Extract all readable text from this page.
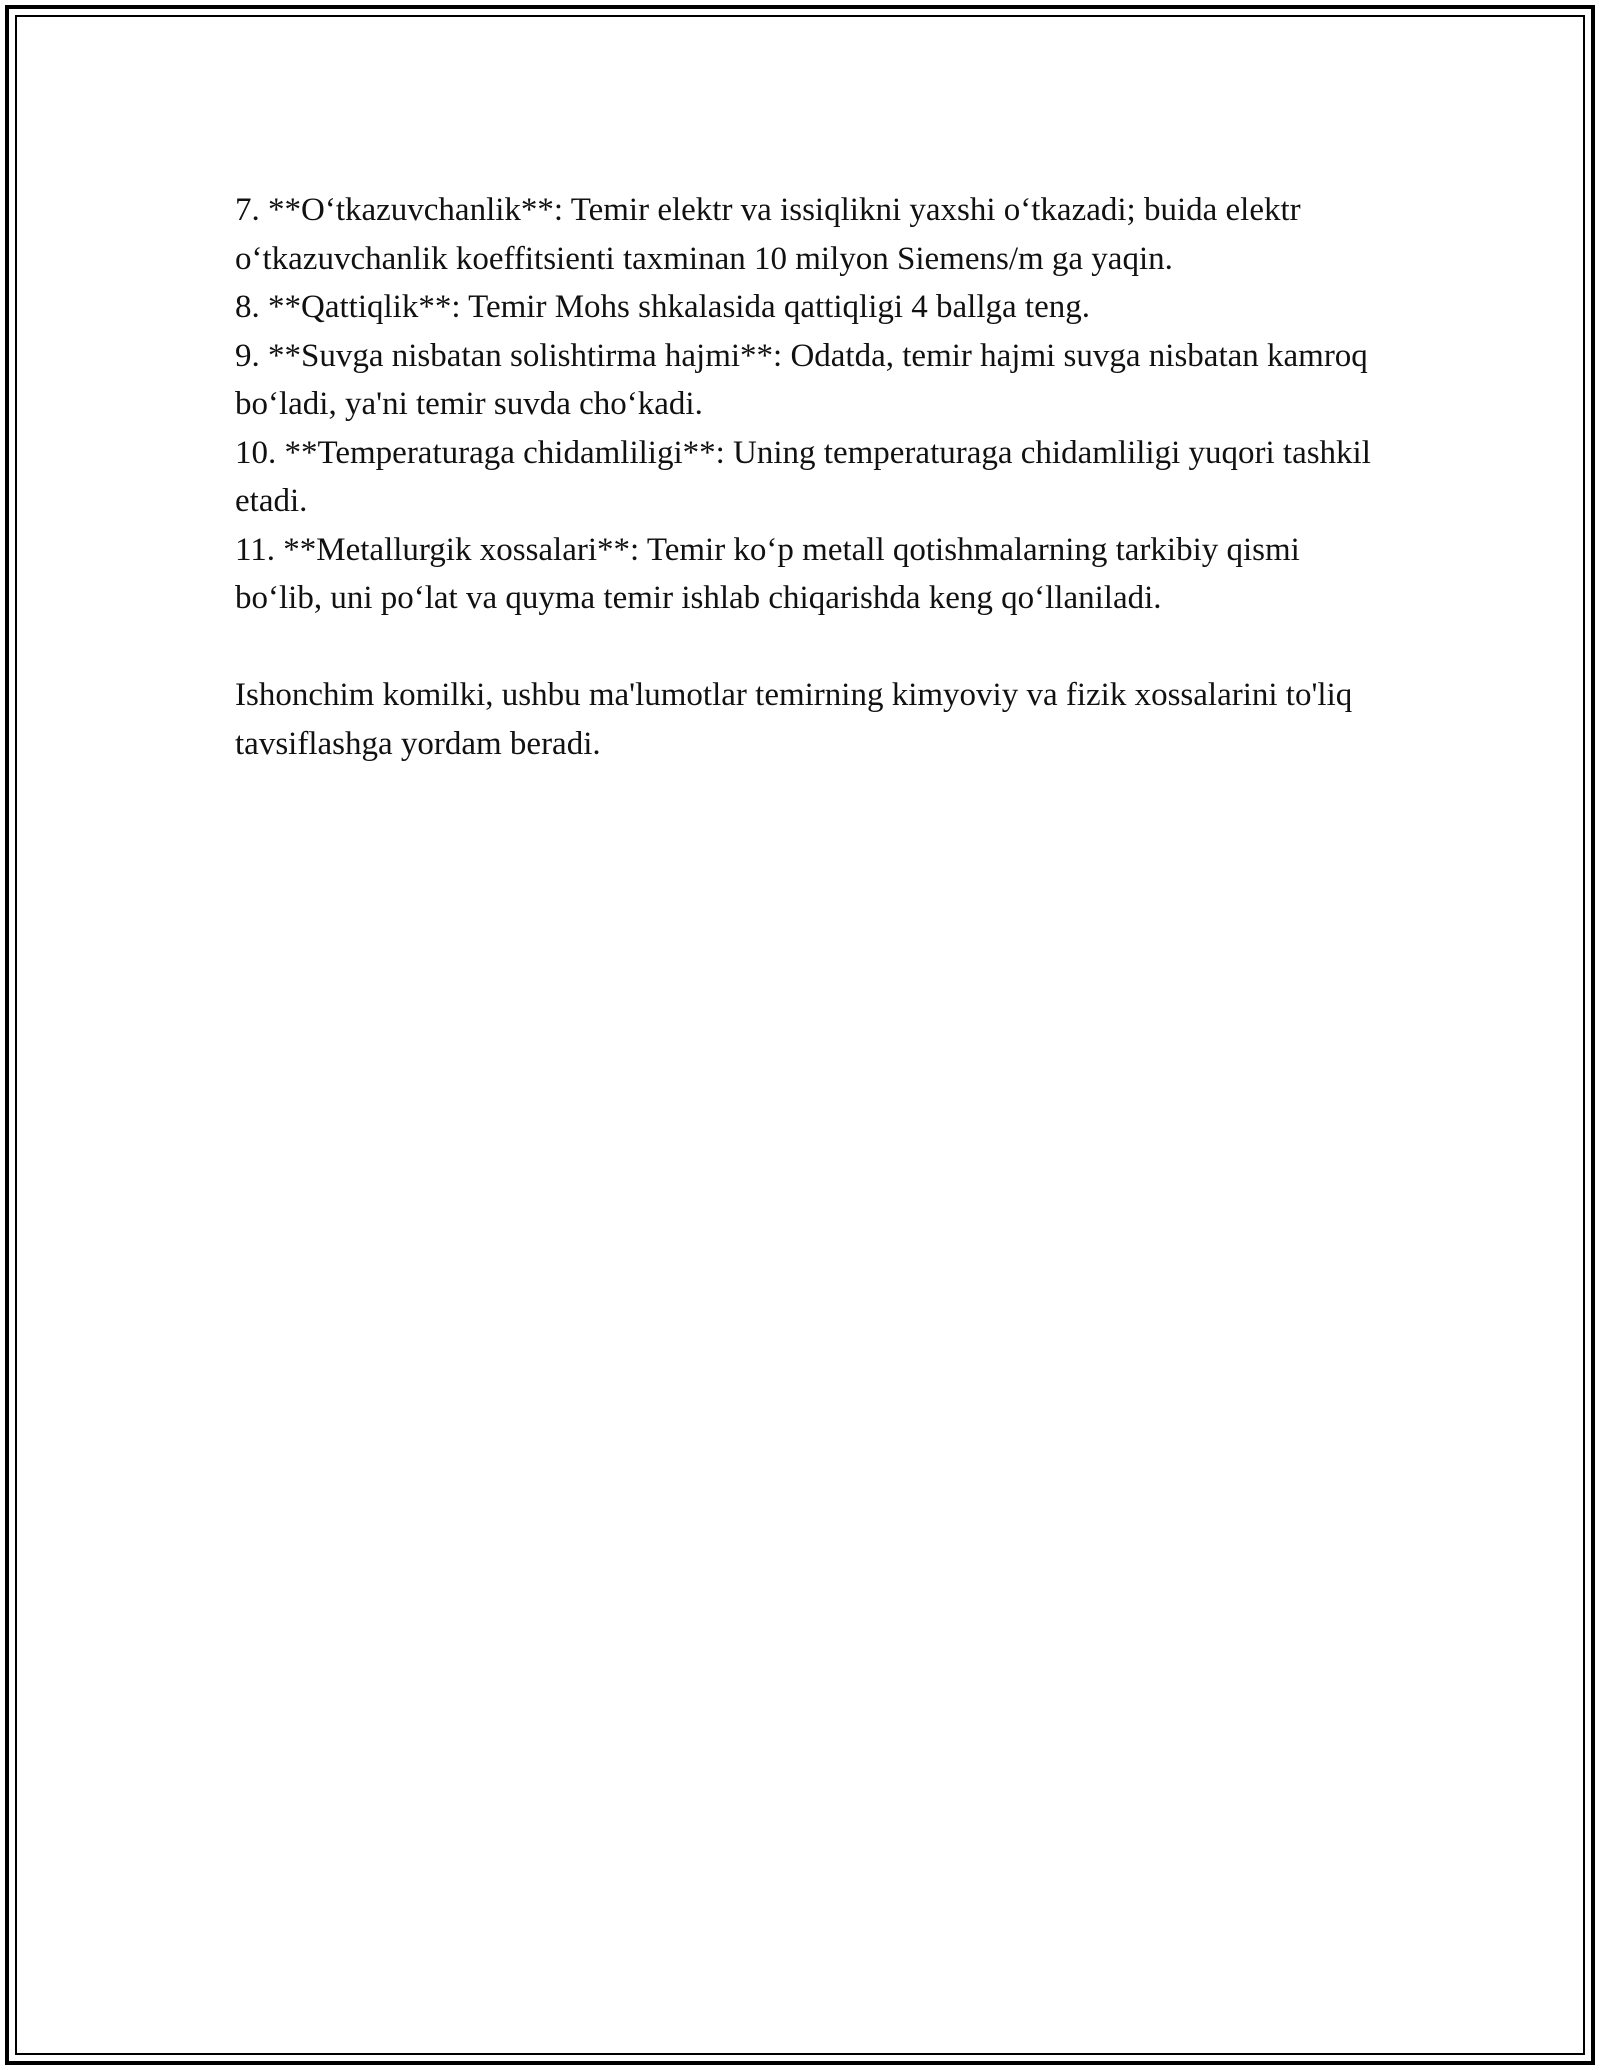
7. **O‘tkazuvchanlik**: Temir elektr va issiqlikni yaxshi o‘tkazadi; buida elektr o‘tkazuvchanlik koeffitsienti taxminan 10 milyon Siemens/m ga yaqin.

8. **Qattiqlik**: Temir Mohs shkalasida qattiqligi 4 ballga teng.

9. **Suvga nisbatan solishtirma hajmi**: Odatda, temir hajmi suvga nisbatan kamroq bo‘ladi, ya'ni temir suvda cho‘kadi.

10. **Temperaturaga chidamliligi**: Uning temperaturaga chidamliligi yuqori tashkil etadi.

11. **Metallurgik xossalari**: Temir ko‘p metall qotishmalarning tarkibiy qismi bo‘lib, uni po‘lat va quyma temir ishlab chiqarishda keng qo‘llaniladi.

Ishonchim komilki, ushbu ma'lumotlar temirning kimyoviy va fizik xossalarini to'liq tavsiflashga yordam beradi.
